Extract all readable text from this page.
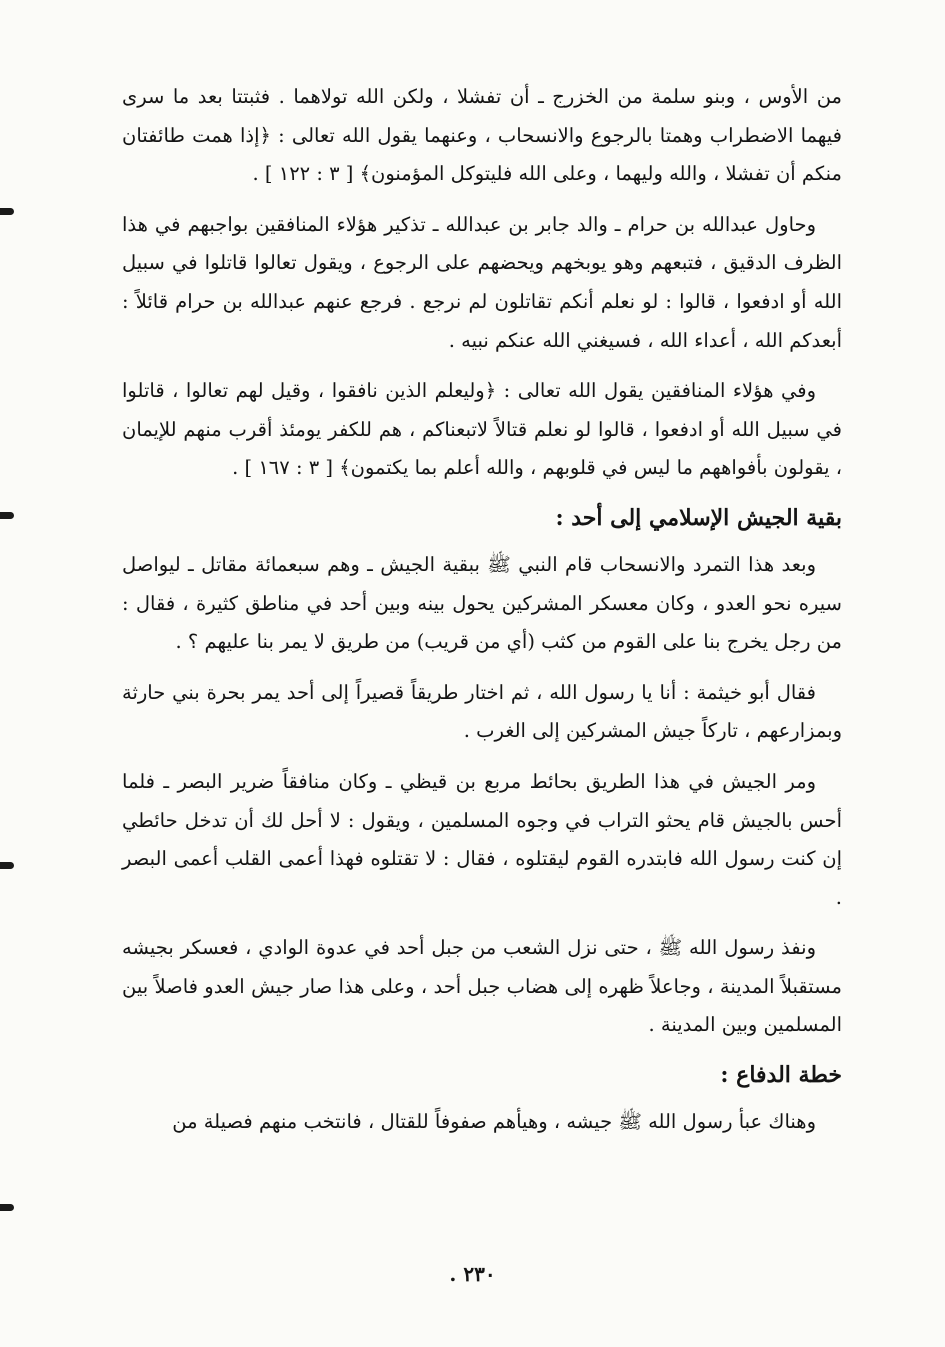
من الأوس ، وبنو سلمة من الخزرج ـ أن تفشلا ، ولكن الله تولاهما . فثبتتا بعد ما سرى فيهما الاضطراب وهمتا بالرجوع والانسحاب ، وعنهما يقول الله تعالى : ﴿إذا همت طائفتان منكم أن تفشلا ، والله وليهما ، وعلى الله فليتوكل المؤمنون﴾ [ ٣ : ١٢٢ ] .

وحاول عبدالله بن حرام ـ والد جابر بن عبدالله ـ تذكير هؤلاء المنافقين بواجبهم في هذا الظرف الدقيق ، فتبعهم وهو يوبخهم ويحضهم على الرجوع ، ويقول تعالوا قاتلوا في سبيل الله أو ادفعوا ، قالوا : لو نعلم أنكم تقاتلون لم نرجع . فرجع عنهم عبدالله بن حرام قائلاً : أبعدكم الله ، أعداء الله ، فسيغني الله عنكم نبيه .

وفي هؤلاء المنافقين يقول الله تعالى : ﴿وليعلم الذين نافقوا ، وقيل لهم تعالوا ، قاتلوا في سبيل الله أو ادفعوا ، قالوا لو نعلم قتالاً لاتبعناكم ، هم للكفر يومئذ أقرب منهم للإيمان ، يقولون بأفواههم ما ليس في قلوبهم ، والله أعلم بما يكتمون﴾ [ ٣ : ١٦٧ ] .

بقية الجيش الإسلامي إلى أحد :

وبعد هذا التمرد والانسحاب قام النبي ﷺ ببقية الجيش ـ وهم سبعمائة مقاتل ـ ليواصل سيره نحو العدو ، وكان معسكر المشركين يحول بينه وبين أحد في مناطق كثيرة ، فقال : من رجل يخرج بنا على القوم من كثب (أي من قريب) من طريق لا يمر بنا عليهم ؟ .

فقال أبو خيثمة : أنا يا رسول الله ، ثم اختار طريقاً قصيراً إلى أحد يمر بحرة بني حارثة وبمزارعهم ، تاركاً جيش المشركين إلى الغرب .

ومر الجيش في هذا الطريق بحائط مربع بن قيظي ـ وكان منافقاً ضرير البصر ـ فلما أحس بالجيش قام يحثو التراب في وجوه المسلمين ، ويقول : لا أحل لك أن تدخل حائطي إن كنت رسول الله فابتدره القوم ليقتلوه ، فقال : لا تقتلوه فهذا أعمى القلب أعمى البصر .

ونفذ رسول الله ﷺ ، حتى نزل الشعب من جبل أحد في عدوة الوادي ، فعسكر بجيشه مستقبلاً المدينة ، وجاعلاً ظهره إلى هضاب جبل أحد ، وعلى هذا صار جيش العدو فاصلاً بين المسلمين وبين المدينة .

خطة الدفاع :

وهناك عبأ رسول الله ﷺ جيشه ، وهيأهم صفوفاً للقتال ، فانتخب منهم فصيلة من

٢٣٠ .
